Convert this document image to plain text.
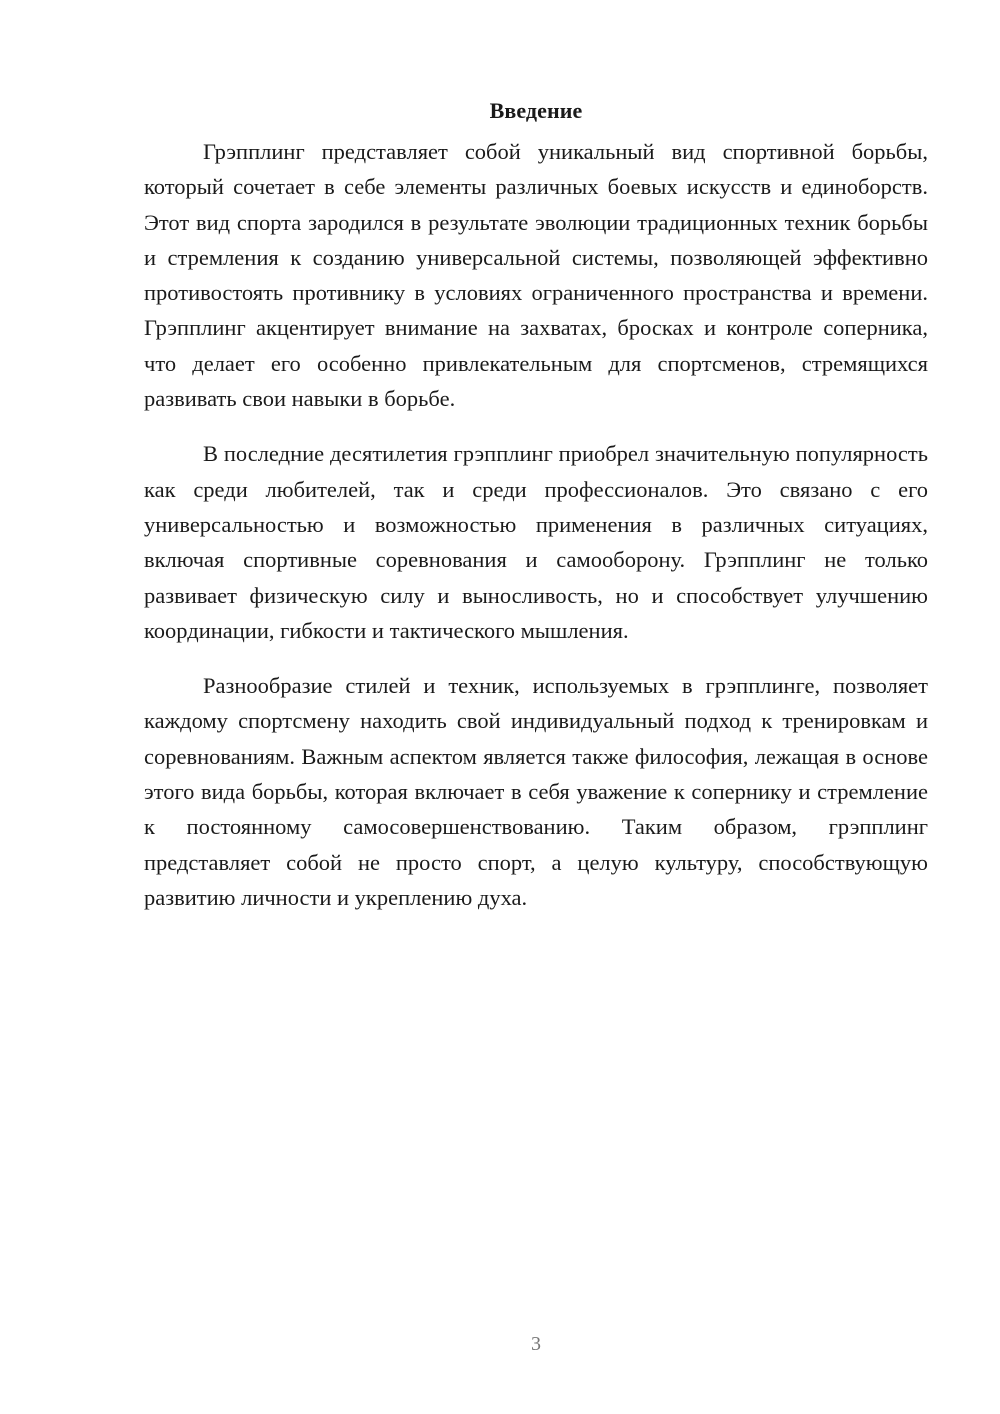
Введение

Грэпплинг представляет собой уникальный вид спортивной борьбы, который сочетает в себе элементы различных боевых искусств и единоборств. Этот вид спорта зародился в результате эволюции традиционных техник борьбы и стремления к созданию универсальной системы, позволяющей эффективно противостоять противнику в условиях ограниченного пространства и времени. Грэпплинг акцентирует внимание на захватах, бросках и контроле соперника, что делает его особенно привлекательным для спортсменов, стремящихся развивать свои навыки в борьбе.

В последние десятилетия грэпплинг приобрел значительную популярность как среди любителей, так и среди профессионалов. Это связано с его универсальностью и возможностью применения в различных ситуациях, включая спортивные соревнования и самооборону. Грэпплинг не только развивает физическую силу и выносливость, но и способствует улучшению координации, гибкости и тактического мышления.

Разнообразие стилей и техник, используемых в грэпплинге, позволяет каждому спортсмену находить свой индивидуальный подход к тренировкам и соревнованиям. Важным аспектом является также философия, лежащая в основе этого вида борьбы, которая включает в себя уважение к сопернику и стремление к постоянному самосовершенствованию. Таким образом, грэпплинг представляет собой не просто спорт, а целую культуру, способствующую развитию личности и укреплению духа.

3
